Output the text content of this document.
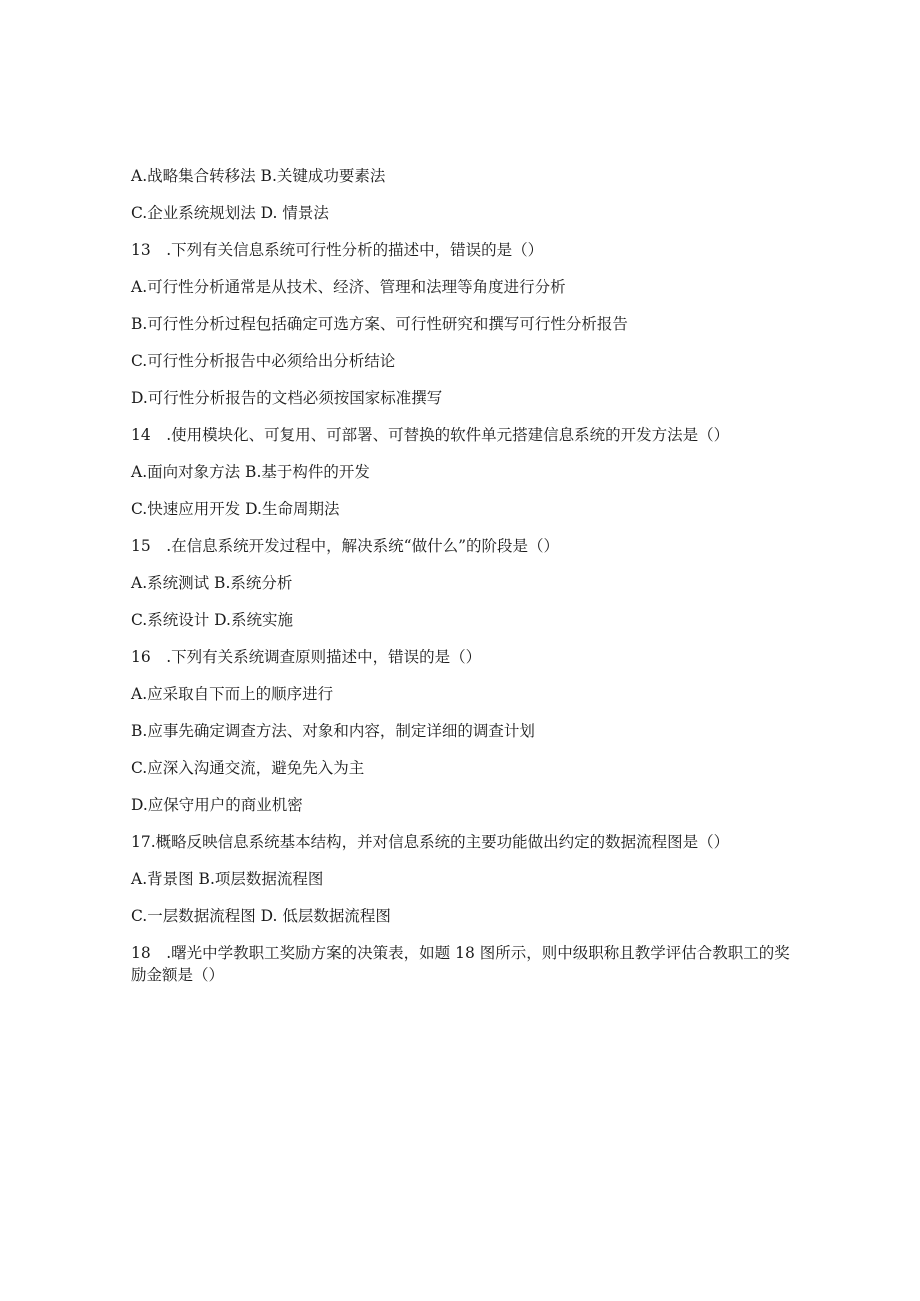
A.战略集合转移法 B.关键成功要素法
C.企业系统规划法 D. 情景法
13　.下列有关信息系统可行性分析的描述中，错误的是（）
A.可行性分析通常是从技术、经济、管理和法理等角度进行分析
B.可行性分析过程包括确定可选方案、可行性研究和撰写可行性分析报告
C.可行性分析报告中必须给出分析结论
D.可行性分析报告的文档必须按国家标准撰写
14　.使用模块化、可复用、可部署、可替换的软件单元搭建信息系统的开发方法是（）
A.面向对象方法 B.基于构件的开发
C.快速应用开发 D.生命周期法
15　.在信息系统开发过程中，解决系统“做什么”的阶段是（）
A.系统测试 B.系统分析
C.系统设计 D.系统实施
16　.下列有关系统调查原则描述中，错误的是（）
A.应采取自下而上的顺序进行
B.应事先确定调查方法、对象和内容，制定详细的调查计划
C.应深入沟通交流，避免先入为主
D.应保守用户的商业机密
17.概略反映信息系统基本结构，并对信息系统的主要功能做出约定的数据流程图是（）
A.背景图 B.项层数据流程图
C.一层数据流程图 D. 低层数据流程图
18　.曙光中学教职工奖励方案的决策表，如题 18 图所示，则中级职称且教学评估合教职工的奖励金额是（）
